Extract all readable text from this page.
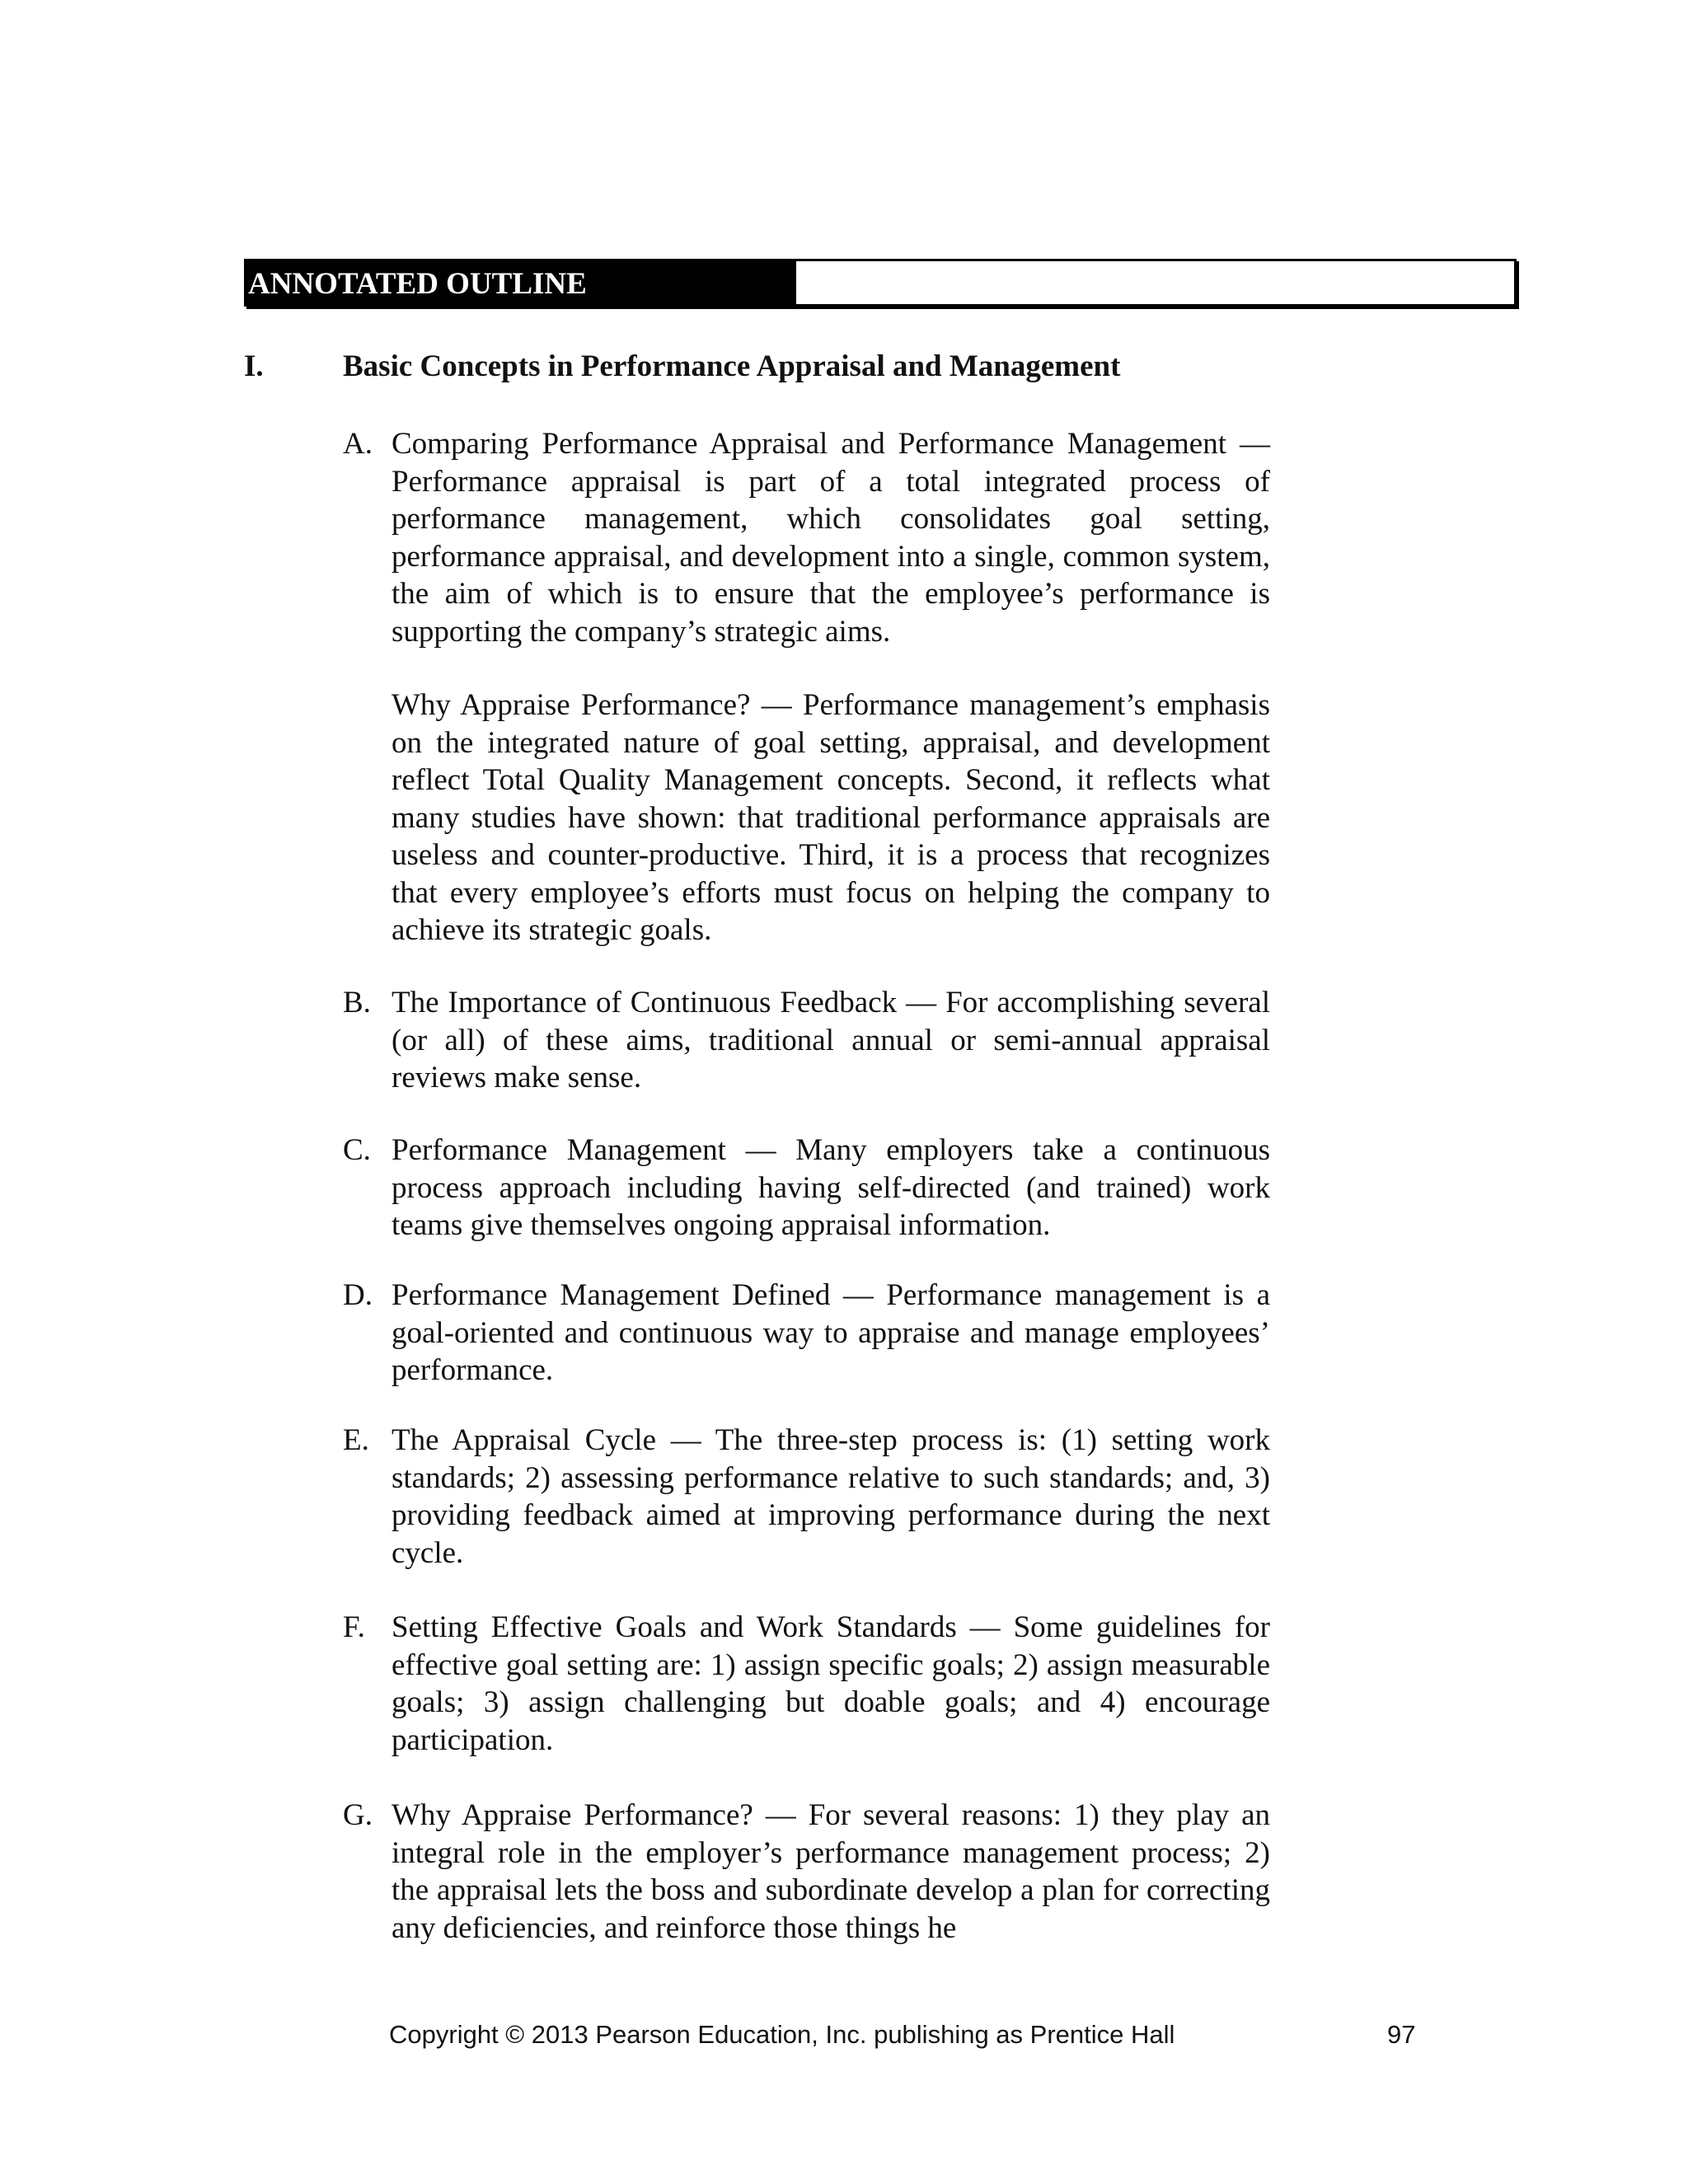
ANNOTATED OUTLINE
I.	Basic Concepts in Performance Appraisal and Management
A. Comparing Performance Appraisal and Performance Management — Performance appraisal is part of a total integrated process of performance management, which consolidates goal setting, performance appraisal, and development into a single, common system, the aim of which is to ensure that the employee’s performance is supporting the company’s strategic aims.

Why Appraise Performance? — Performance management’s emphasis on the integrated nature of goal setting, appraisal, and development reflect Total Quality Management concepts. Second, it reflects what many studies have shown: that traditional performance appraisals are useless and counter-productive. Third, it is a process that recognizes that every employee’s efforts must focus on helping the company to achieve its strategic goals.

B. The Importance of Continuous Feedback — For accomplishing several (or all) of these aims, traditional annual or semi-annual appraisal reviews make sense.

C. Performance Management — Many employers take a continuous process approach including having self-directed (and trained) work teams give themselves ongoing appraisal information.

D. Performance Management Defined — Performance management is a goal-oriented and continuous way to appraise and manage employees’ performance.

E. The Appraisal Cycle — The three-step process is: (1) setting work standards; 2) assessing performance relative to such standards; and, 3) providing feedback aimed at improving performance during the next cycle.

F. Setting Effective Goals and Work Standards — Some guidelines for effective goal setting are: 1) assign specific goals; 2) assign measurable goals; 3) assign challenging but doable goals; and 4) encourage participation.

G. Why Appraise Performance? — For several reasons: 1) they play an integral role in the employer’s performance management process; 2) the appraisal lets the boss and subordinate develop a plan for correcting any deficiencies, and reinforce those things he

Copyright © 2013 Pearson Education, Inc. publishing as Prentice Hall	97
